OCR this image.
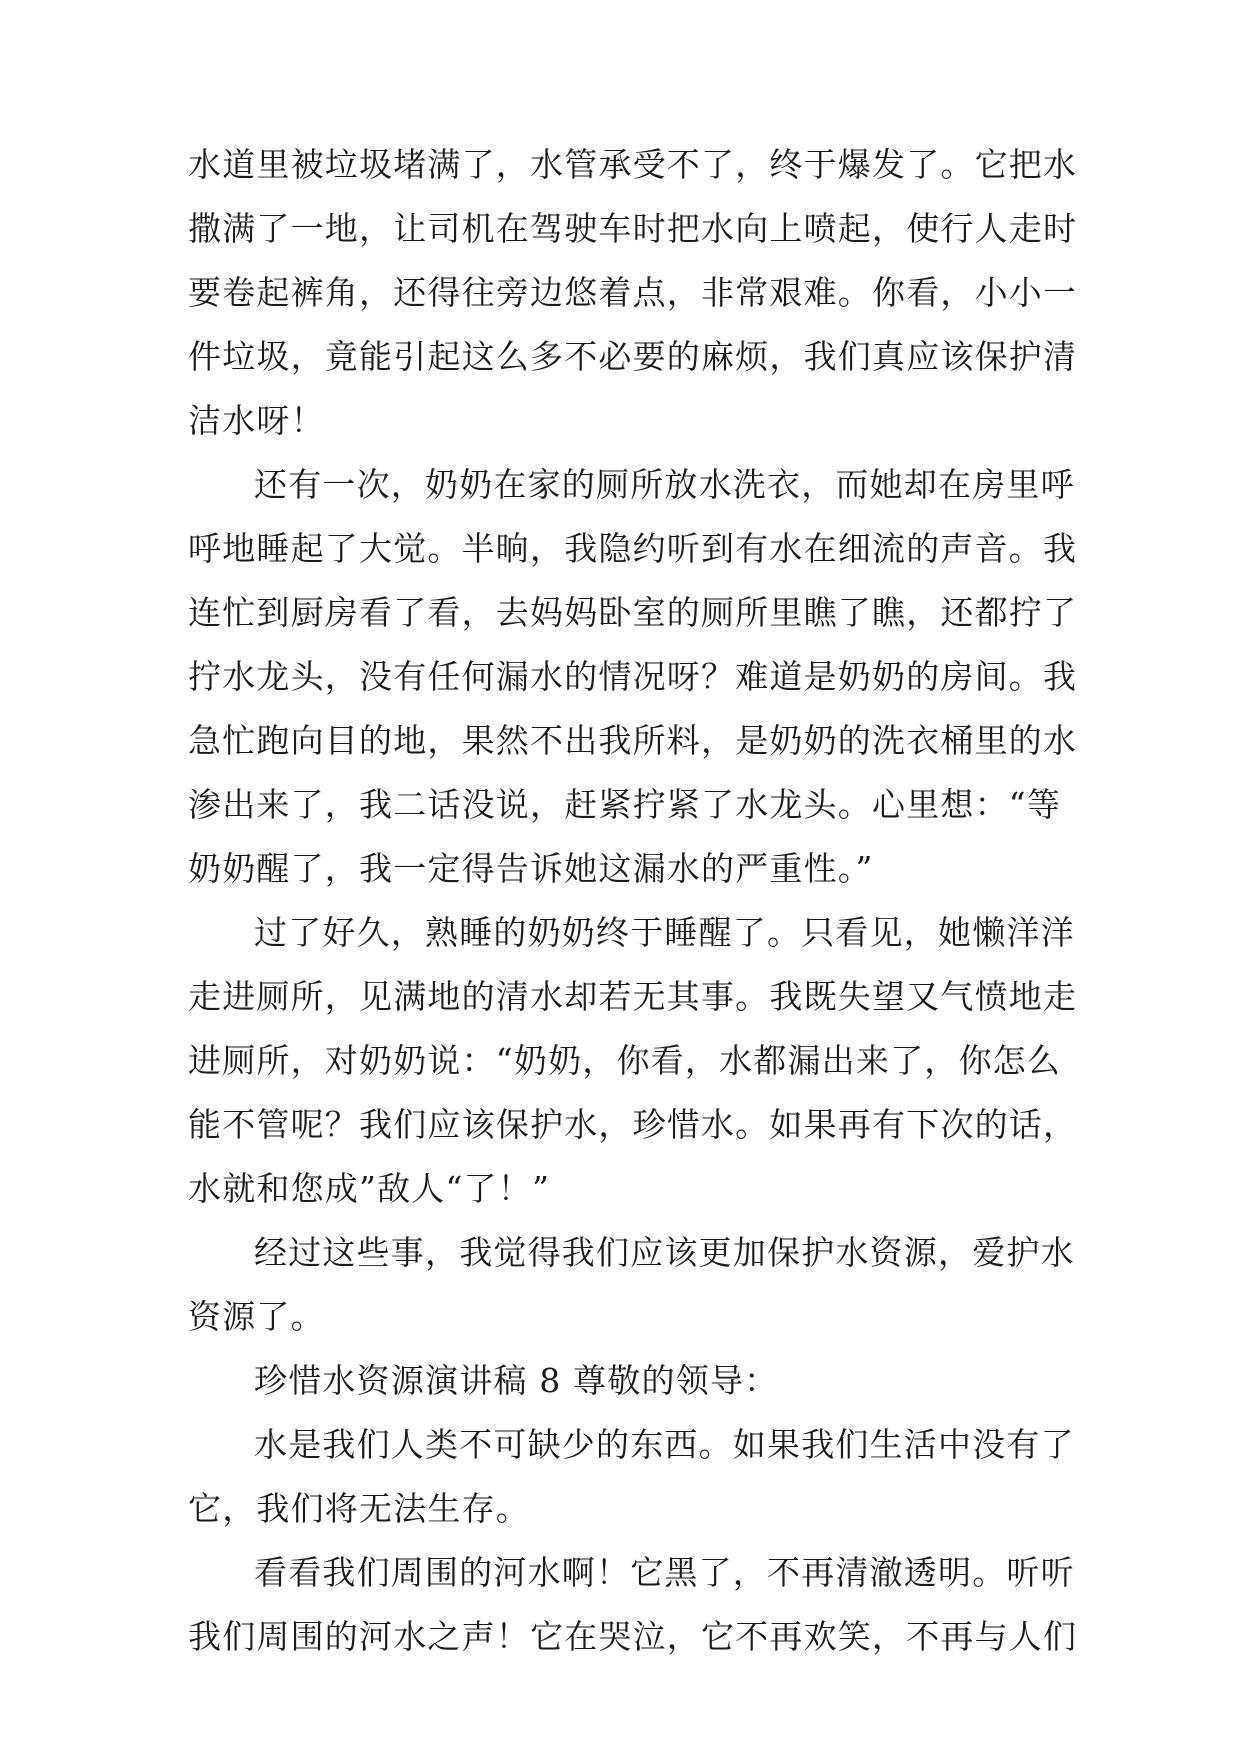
水道里被垃圾堵满了，水管承受不了，终于爆发了。它把水
撒满了一地，让司机在驾驶车时把水向上喷起，使行人走时
要卷起裤角，还得往旁边悠着点，非常艰难。你看，小小一
件垃圾，竟能引起这么多不必要的麻烦，我们真应该保护清
洁水呀！
还有一次，奶奶在家的厕所放水洗衣，而她却在房里呼
呼地睡起了大觉。半晌，我隐约听到有水在细流的声音。我
连忙到厨房看了看，去妈妈卧室的厕所里瞧了瞧，还都拧了
拧水龙头，没有任何漏水的情况呀？难道是奶奶的房间。我
急忙跑向目的地，果然不出我所料，是奶奶的洗衣桶里的水
渗出来了，我二话没说，赶紧拧紧了水龙头。心里想：“等
奶奶醒了，我一定得告诉她这漏水的严重性。”
过了好久，熟睡的奶奶终于睡醒了。只看见，她懒洋洋
走进厕所，见满地的清水却若无其事。我既失望又气愤地走
进厕所，对奶奶说：“奶奶，你看，水都漏出来了，你怎么
能不管呢？我们应该保护水，珍惜水。如果再有下次的话，
水就和您成”敌人“了！”
经过这些事，我觉得我们应该更加保护水资源，爱护水
资源了。
珍惜水资源演讲稿 8 尊敬的领导：
水是我们人类不可缺少的东西。如果我们生活中没有了
它，我们将无法生存。
看看我们周围的河水啊！它黑了，不再清澈透明。听听
我们周围的河水之声！它在哭泣，它不再欢笑，不再与人们
